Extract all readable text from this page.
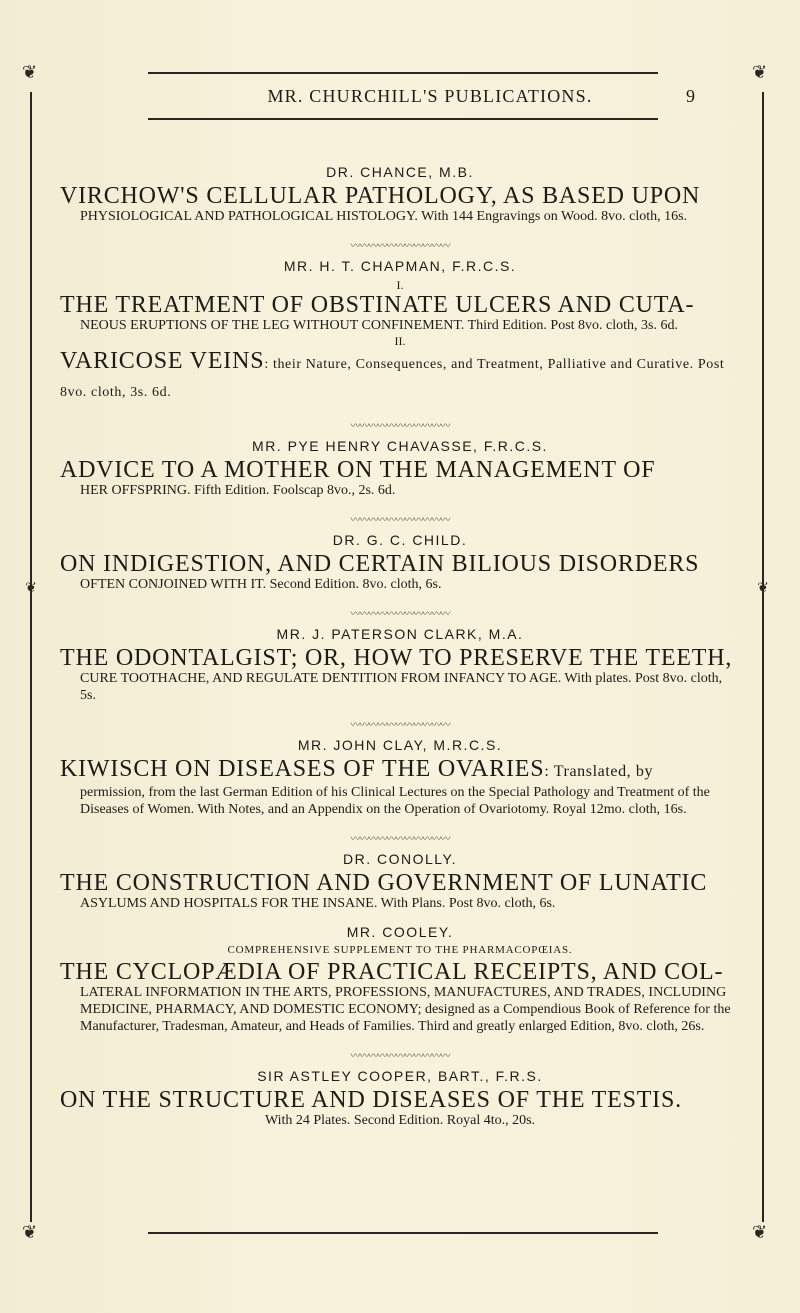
❦	❦
❦	❦
❦	❦
MR. CHURCHILL'S PUBLICATIONS.	9

DR. CHANCE, M.B.

VIRCHOW'S CELLULAR PATHOLOGY, AS BASED UPON

PHYSIOLOGICAL AND PATHOLOGICAL HISTOLOGY. With 144 Engravings on Wood. 8vo. cloth, 16s.

〰〰〰〰〰〰〰〰〰〰〰

MR. H. T. CHAPMAN, F.R.C.S.

I.

THE TREATMENT OF OBSTINATE ULCERS AND CUTA-

NEOUS ERUPTIONS OF THE LEG WITHOUT CONFINEMENT. Third Edition. Post 8vo. cloth, 3s. 6d.

II.

VARICOSE VEINS: their Nature, Consequences, and Treatment, Palliative and Curative. Post 8vo. cloth, 3s. 6d.

〰〰〰〰〰〰〰〰〰〰〰

MR. PYE HENRY CHAVASSE, F.R.C.S.

ADVICE TO A MOTHER ON THE MANAGEMENT OF

HER OFFSPRING. Fifth Edition. Foolscap 8vo., 2s. 6d.

〰〰〰〰〰〰〰〰〰〰〰

DR. G. C. CHILD.

ON INDIGESTION, AND CERTAIN BILIOUS DISORDERS

OFTEN CONJOINED WITH IT. Second Edition. 8vo. cloth, 6s.

〰〰〰〰〰〰〰〰〰〰〰

MR. J. PATERSON CLARK, M.A.

THE ODONTALGIST; OR, HOW TO PRESERVE THE TEETH,

CURE TOOTHACHE, AND REGULATE DENTITION FROM INFANCY TO AGE. With plates. Post 8vo. cloth, 5s.

〰〰〰〰〰〰〰〰〰〰〰

MR. JOHN CLAY, M.R.C.S.

KIWISCH ON DISEASES OF THE OVARIES: Translated, by

permission, from the last German Edition of his Clinical Lectures on the Special Pathology and Treatment of the Diseases of Women. With Notes, and an Appendix on the Operation of Ovariotomy. Royal 12mo. cloth, 16s.

〰〰〰〰〰〰〰〰〰〰〰

DR. CONOLLY.

THE CONSTRUCTION AND GOVERNMENT OF LUNATIC

ASYLUMS AND HOSPITALS FOR THE INSANE. With Plans. Post 8vo. cloth, 6s.

MR. COOLEY.

COMPREHENSIVE SUPPLEMENT TO THE PHARMACOPŒIAS.

THE CYCLOPÆDIA OF PRACTICAL RECEIPTS, AND COL-

LATERAL INFORMATION IN THE ARTS, PROFESSIONS, MANUFACTURES, AND TRADES, INCLUDING MEDICINE, PHARMACY, AND DOMESTIC ECONOMY; designed as a Compendious Book of Reference for the Manufacturer, Tradesman, Amateur, and Heads of Families. Third and greatly enlarged Edition, 8vo. cloth, 26s.

〰〰〰〰〰〰〰〰〰〰〰

SIR ASTLEY COOPER, BART., F.R.S.

ON THE STRUCTURE AND DISEASES OF THE TESTIS.

With 24 Plates. Second Edition. Royal 4to., 20s.
